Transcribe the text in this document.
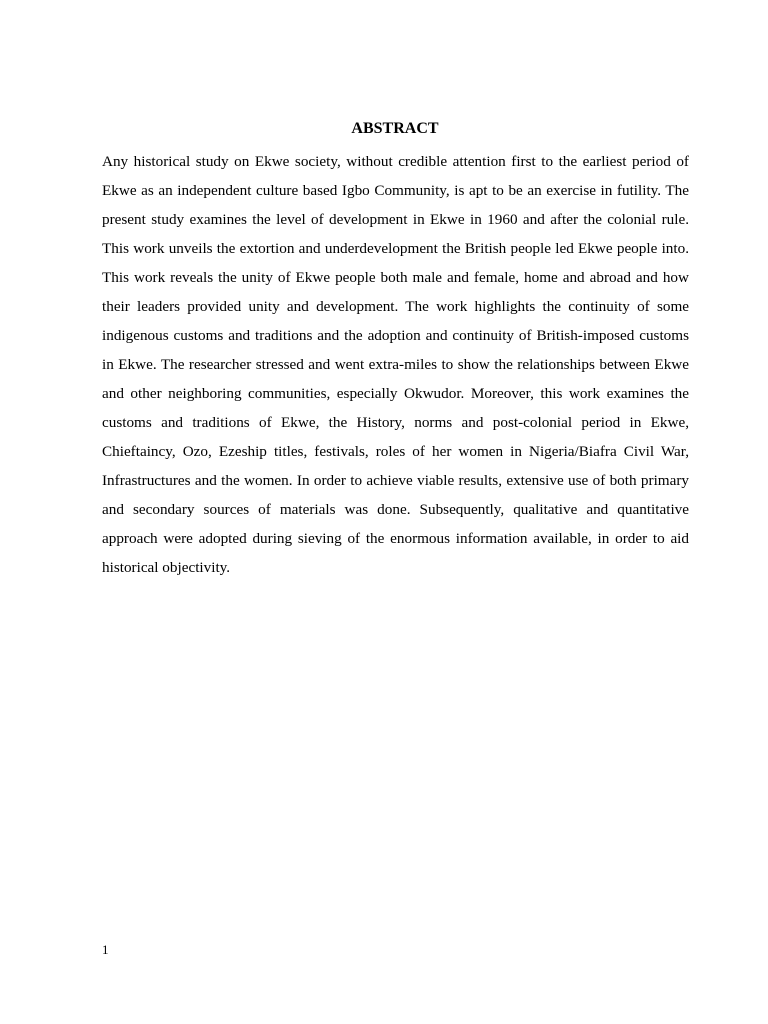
ABSTRACT

Any historical study on Ekwe society, without credible attention first to the earliest period of Ekwe as an independent culture based Igbo Community, is apt to be an exercise in futility. The present study examines the level of development in Ekwe in 1960 and after the colonial rule. This work unveils the extortion and underdevelopment the British people led Ekwe people into. This work reveals the unity of Ekwe people both male and female, home and abroad and how their leaders provided unity and development. The work highlights the continuity of some indigenous customs and traditions and the adoption and continuity of British-imposed customs in Ekwe. The researcher stressed and went extra-miles to show the relationships between Ekwe and other neighboring communities, especially Okwudor. Moreover, this work examines the customs and traditions of Ekwe, the History, norms and post-colonial period in Ekwe, Chieftaincy, Ozo, Ezeship titles, festivals, roles of her women in Nigeria/Biafra Civil War, Infrastructures and the women. In order to achieve viable results, extensive use of both primary and secondary sources of materials was done. Subsequently, qualitative and quantitative approach were adopted during sieving of the enormous information available, in order to aid historical objectivity.

1
